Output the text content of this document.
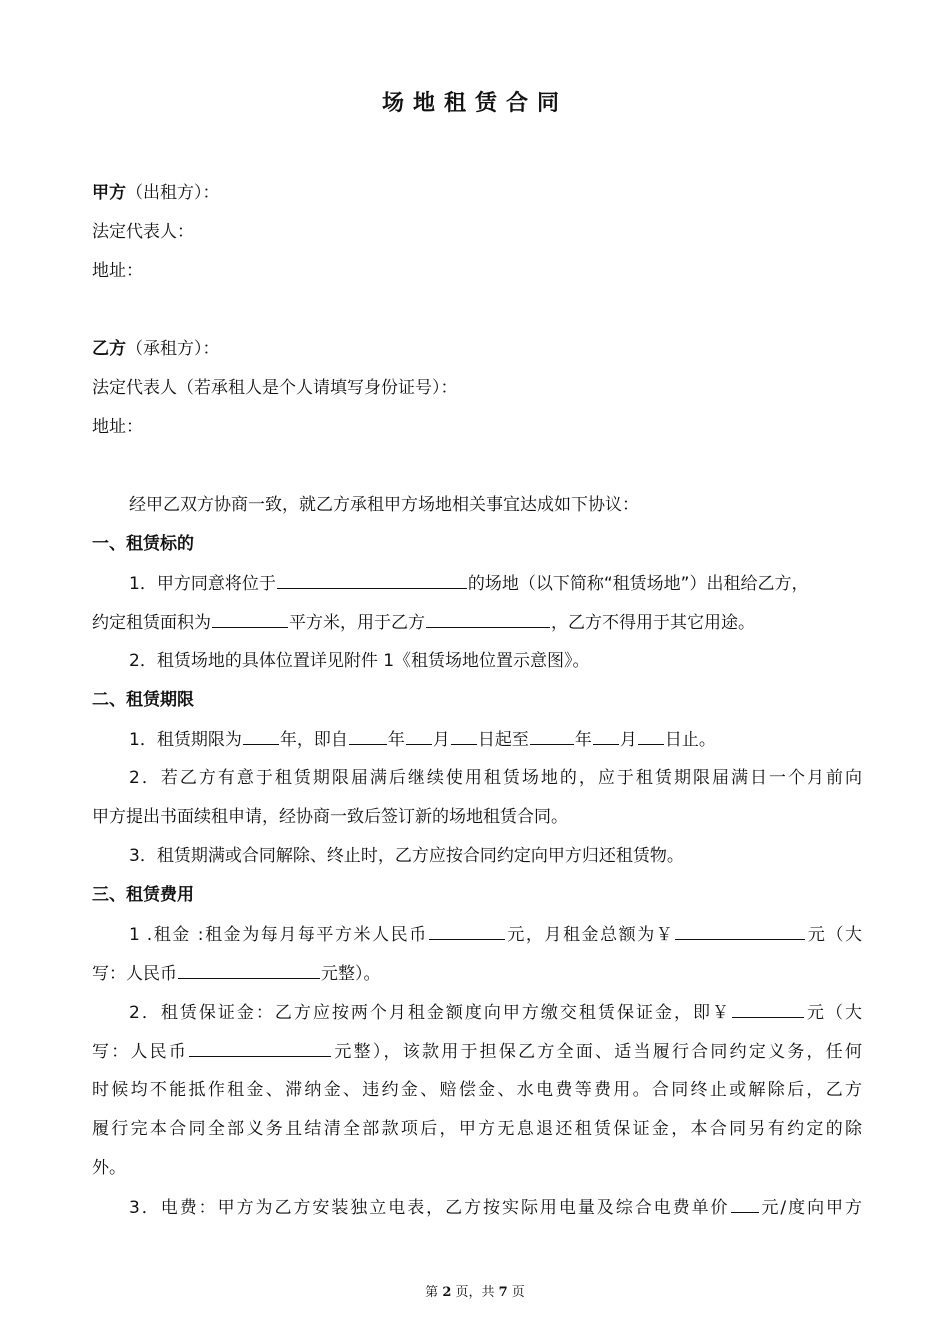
场地租赁合同
甲方（出租方）：
法定代表人：
地址：
乙方（承租方）：
法定代表人（若承租人是个人请填写身份证号）：
地址：
经甲乙双方协商一致，就乙方承租甲方场地相关事宜达成如下协议：
一、租赁标的
1．甲方同意将位于	的场地（以下简称“租赁场地”）出租给乙方，
约定租赁面积为	平方米，用于乙方	，乙方不得用于其它用途。
2．租赁场地的具体位置详见附件 1《租赁场地位置示意图》。
二、租赁期限
1．租赁期限为 年，即自 年 月 日起至	年 月 日止。
2．若乙方有意于租赁期限届满后继续使用租赁场地的，应于租赁期限届满日一个月前向
甲方提出书面续租申请，经协商一致后签订新的场地租赁合同。
3．租赁期满或合同解除、终止时，乙方应按合同约定向甲方归还租赁物。
三、租赁费用
1 .租金 :租金为每月每平方米人民币	元，月租金总额为￥	元（大
写：人民币	元整）。
2．租赁保证金：乙方应按两个月租金额度向甲方缴交租赁保证金，即￥	元（大
写：人民币	元整），该款用于担保乙方全面、适当履行合同约定义务，任何
时候均不能抵作租金、滞纳金、违约金、赔偿金、水电费等费用。合同终止或解除后，乙方
履行完本合同全部义务且结清全部款项后，甲方无息退还租赁保证金，本合同另有约定的除
外。
3．电费：甲方为乙方安装独立电表，乙方按实际用电量及综合电费单价 元/度向甲方
第 2 页，共 7 页
